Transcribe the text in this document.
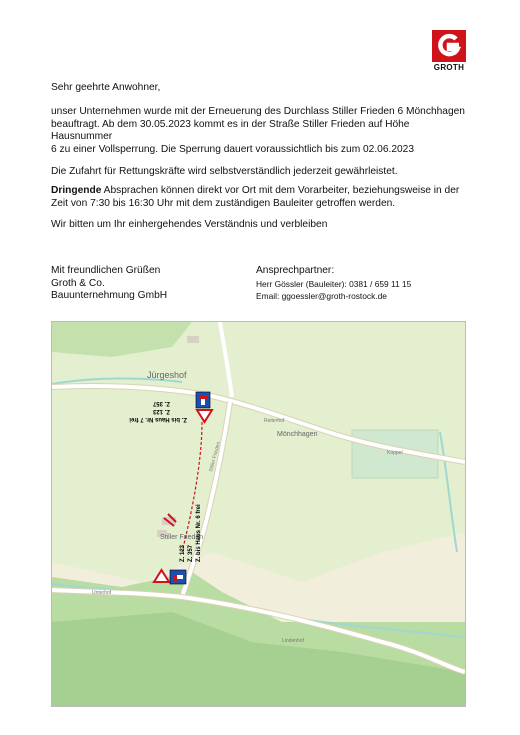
GROTH
Sehr geehrte Anwohner,
unser Unternehmen wurde mit der Erneuerung des Durchlass Stiller Frieden 6 Mönchhagen
beauftragt. Ab dem 30.05.2023 kommt es in der Straße Stiller Frieden auf Höhe Hausnummer
6 zu einer Vollsperrung. Die Sperrung dauert voraussichtlich bis zum 02.06.2023
Die Zufahrt für Rettungskräfte wird selbstverständlich jederzeit gewährleistet.
Dringende Absprachen können direkt vor Ort mit dem Vorarbeiter, beziehungsweise in der
Zeit von 7:30 bis 16:30 Uhr mit dem zuständigen Bauleiter getroffen werden.
Wir bitten um Ihr einhergehendes Verständnis und verbleiben
Mit freundlichen Grüßen
Groth & Co.
Bauunternehmung GmbH
Ansprechpartner:
Herr Gössler (Bauleiter): 0381 / 659 11 15
Email: ggoessler@groth-rostock.de
Jürgeshof
Mönchhagen
Stiller Frieden
Stiller Frieden
Reiterhof
Koppel
Unterhof
Lindenhof
Z. 357
Z. 123
Z. bis Haus Nr. 7 frei
Z. 123 Z. 357 Z. bis Haus Nr. 6 frei
